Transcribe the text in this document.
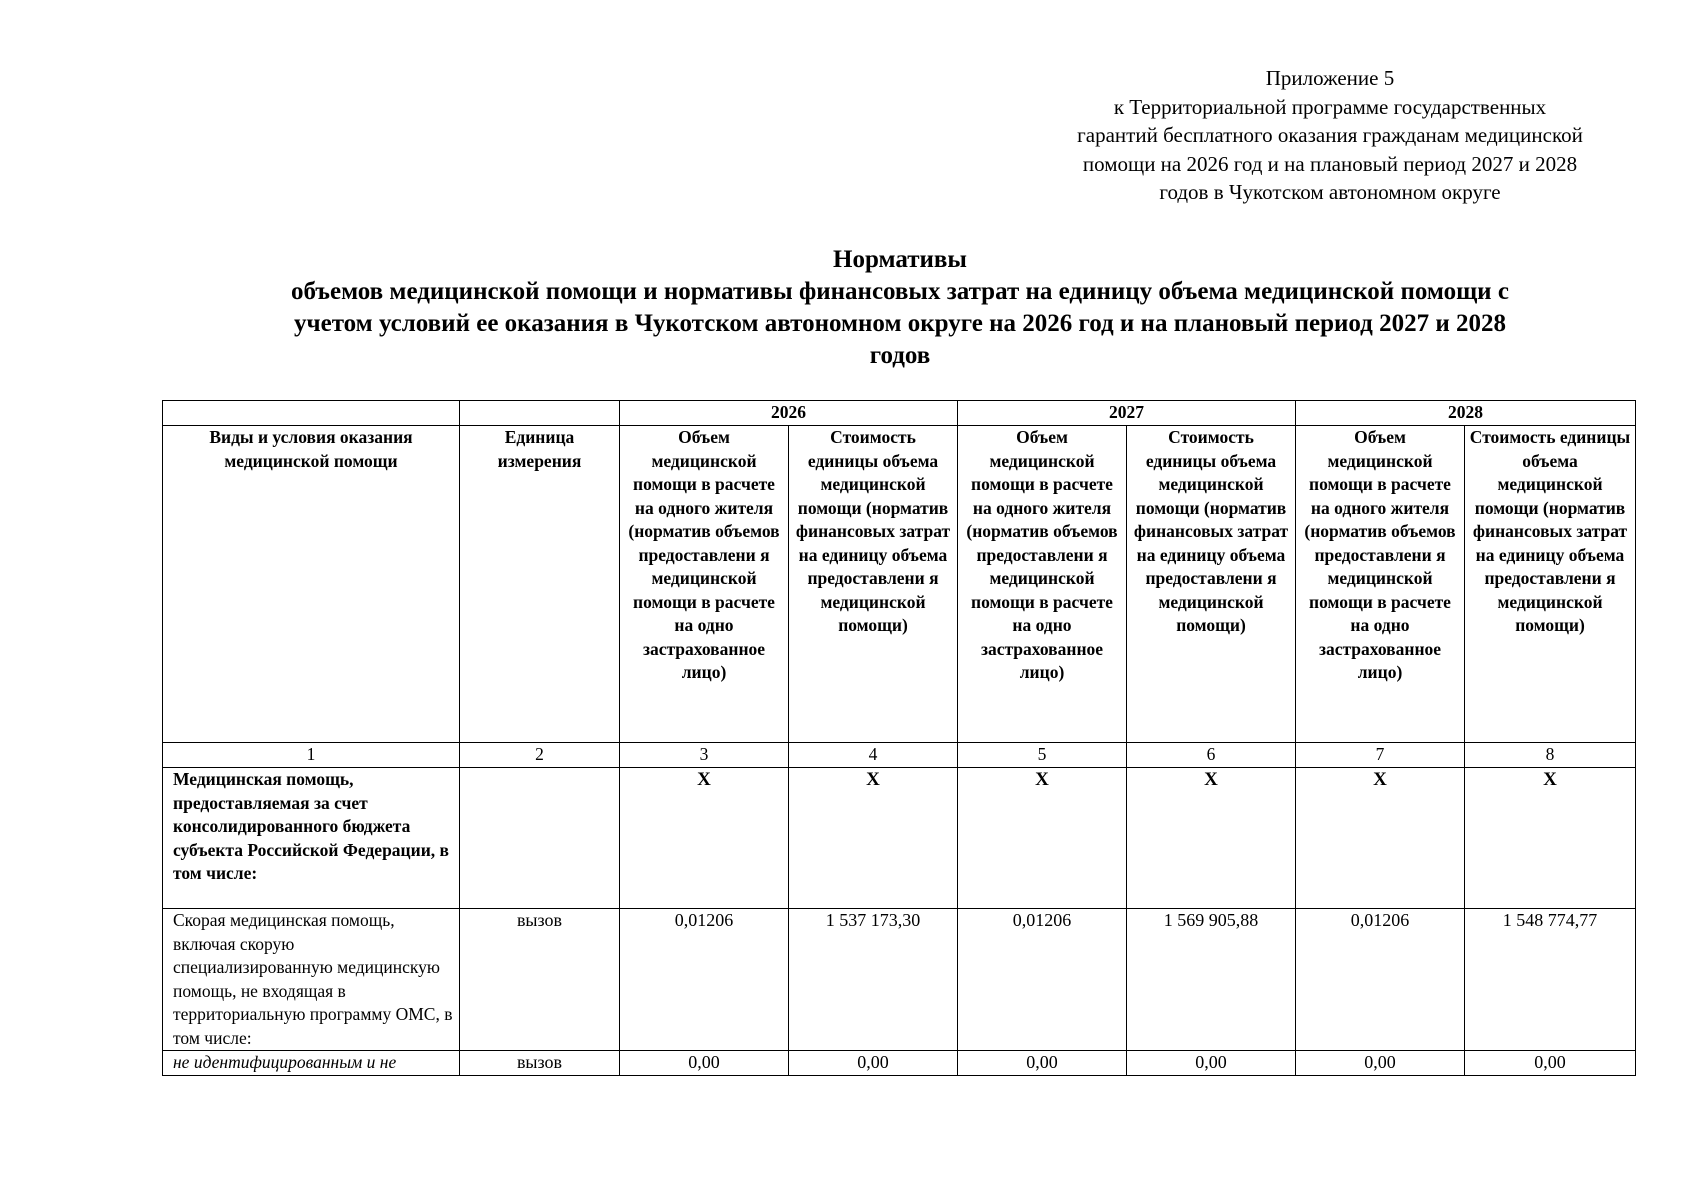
Приложение 5
к Территориальной программе государственных
гарантий бесплатного оказания гражданам медицинской
помощи на 2026 год и на плановый период 2027 и 2028
годов в Чукотском автономном округе
Нормативы
объемов медицинской помощи и нормативы финансовых затрат на единицу объема медицинской помощи с
учетом условий ее оказания в Чукотском автономном округе на 2026 год и на плановый период 2027 и 2028
годов
		2026		2027		2028	
Виды и условия оказания медицинской помощи	Единица измерения	Объем медицинской помощи в расчете на одного жителя (норматив объемов предоставлени я медицинской помощи в расчете на одно застрахованное лицо)	Стоимость единицы объема медицинской помощи (норматив финансовых затрат на единицу объема предоставлени я медицинской помощи)	Объем медицинской помощи в расчете на одного жителя (норматив объемов предоставлени я медицинской помощи в расчете на одно застрахованное лицо)	Стоимость единицы объема медицинской помощи (норматив финансовых затрат на единицу объема предоставлени я медицинской помощи)	Объем медицинской помощи в расчете на одного жителя (норматив объемов предоставлени я медицинской помощи в расчете на одно застрахованное лицо)	Стоимость единицы объема медицинской помощи (норматив финансовых затрат на единицу объема предоставлени я медицинской помощи)
1	2	3	4	5	6	7	8
Медицинская помощь, предоставляемая за счет консолидированного бюджета субъекта Российской Федерации, в том числе:		X	X	X	X	X	X
Скорая медицинская помощь, включая скорую специализированную медицинскую помощь, не входящая в территориальную программу ОМС, в том числе:	вызов	0,01206	1 537 173,30	0,01206	1 569 905,88	0,01206	1 548 774,77
не идентифицированным и не	вызов	0,00	0,00	0,00	0,00	0,00	0,00
